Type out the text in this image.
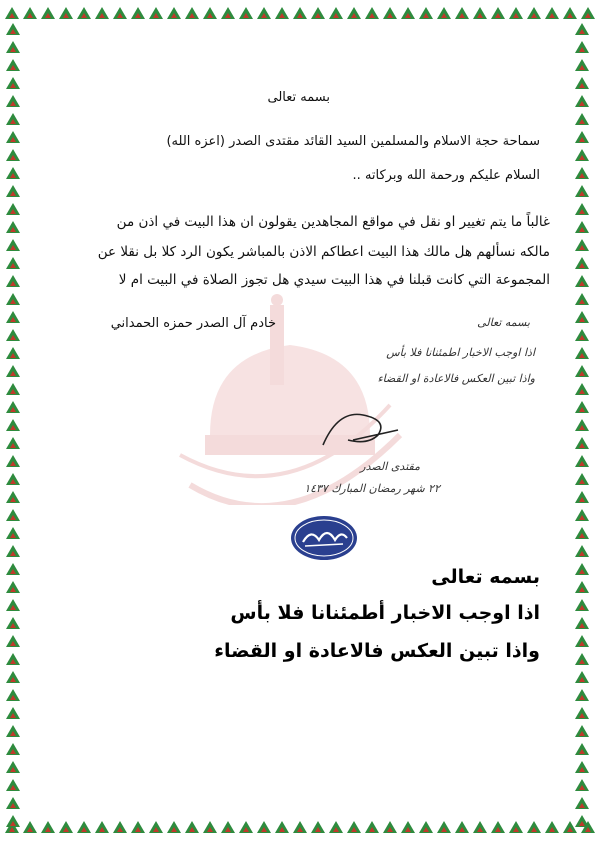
بسمه تعالى
سماحة حجة الاسلام والمسلمين السيد القائد مقتدى الصدر (اعزه الله)
السلام عليكم ورحمة الله وبركاته ..
غالباً ما يتم تغيير او نقل في مواقع المجاهدين يقولون ان هذا البيت في اذن من
مالكه نسألهم هل مالك هذا البيت اعطاكم الاذن بالمباشر يكون الرد كلا بل نقلا عن
المجموعة التي كانت قبلنا في هذا البيت سيدي هل تجوز الصلاة في البيت ام لا
خادم آل الصدر حمزه الحمداني	بسمه تعالى
اذا اوجب الاخبار اطمئنانا فلا بأس
واذا تبين العكس فالاعادة او القضاء
مقتدى الصدر
٢٢ شهر رمضان المبارك ١٤٣٧
بسمه تعالى
اذا اوجب الاخبار أطمئنانا فلا بأس
واذا تبين العكس فالاعادة او القضاء
